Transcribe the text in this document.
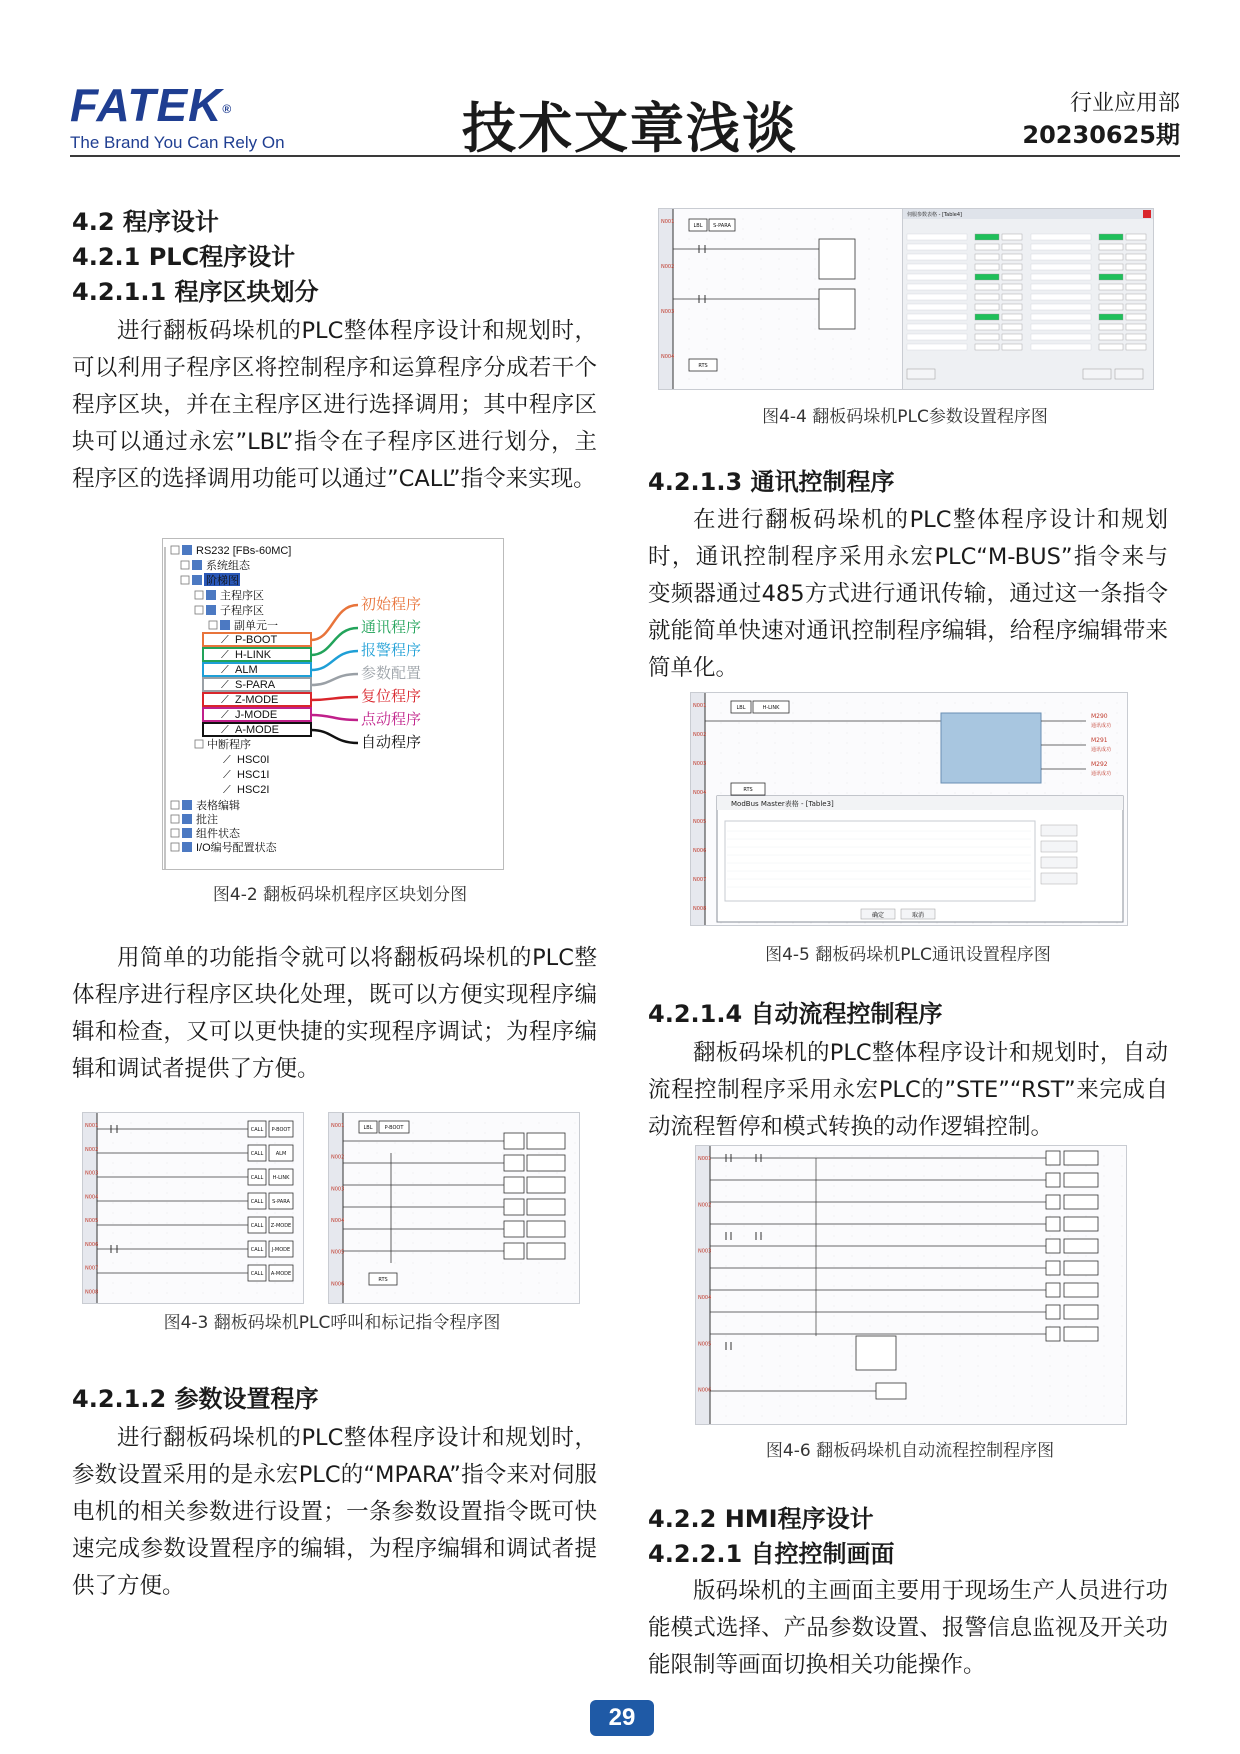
FATEK®
The Brand You Can Rely On	技术文章浅谈	行业应用部
20230625期
4.2 程序设计
4.2.1 PLC程序设计
4.2.1.1 程序区块划分

进行翻板码垛机的PLC整体程序设计和规划时，可以利用子程序区将控制程序和运算程序分成若干个程序区块，并在主程序区进行选择调用；其中程序区块可以通过永宏”LBL”指令在子程序区进行划分，主程序区的选择调用功能可以通过”CALL”指令来实现。

RS232 [FBs-60MC]
系统组态
阶梯图
主程序区
子程序区
副单元一
⟋ P-BOOT
初始程序
⟋ H-LINK
通讯程序
⟋ ALM
报警程序
⟋ S-PARA
参数配置
⟋ Z-MODE	复位程序
⟋ J-MODE	点动程序
⟋ A-MODE
自动程序
中断程序
⟋ HSC0I
⟋ HSC1I
⟋ HSC2I
表格编辑
批注
组件状态
I/O编号配置状态
图4-2 翻板码垛机程序区块划分图

用简单的功能指令就可以将翻板码垛机的PLC整体程序进行程序区块化处理，既可以方便实现程序编辑和检查，又可以更快捷的实现程序调试；为程序编辑和调试者提供了方便。

N001
N002
N003
N004
N005
N006
N007
N008
CALL P-BOOT
CALL ALM
CALL H-LINK
CALL S-PARA
CALL Z-MODE
CALL J-MODE
CALL A-MODE
N001
N002
N003
N004
N005
N006
LBL P-BOOT
RTS
图4-3 翻板码垛机PLC呼叫和标记指令程序图
4.2.1.2 参数设置程序

进行翻板码垛机的PLC整体程序设计和规划时，参数设置采用的是永宏PLC的“MPARA”指令来对伺服电机的相关参数进行设置；一条参数设置指令既可快速完成参数设置程序的编辑，为程序编辑和调试者提供了方便。

N001
N002
N003
N004
LBL S-PARA
RTS
伺服参数表格 - [Table4]
图4-4 翻板码垛机PLC参数设置程序图
4.2.1.3 通讯控制程序

在进行翻板码垛机的PLC整体程序设计和规划时，通讯控制程序采用永宏PLC“M-BUS”指令来与变频器通过485方式进行通讯传输，通过这一条指令就能简单快速对通讯控制程序编辑，给程序编辑带来简单化。

N001
N002
N003
N004
N005
N006
N007
N008
LBL	H-LINK
M290
通讯成功
M291
通讯成功
M292
通讯成功
RTS
ModBus Master表格 - [Table3]
确定	取消
图4-5 翻板码垛机PLC通讯设置程序图
4.2.1.4 自动流程控制程序

翻板码垛机的PLC整体程序设计和规划时，自动流程控制程序采用永宏PLC的”STE”“RST”来完成自动流程暂停和模式转换的动作逻辑控制。

N001
N002
N003
N004
N005
N006
图4-6 翻板码垛机自动流程控制程序图
4.2.2 HMI程序设计
4.2.2.1 自控控制画面

版码垛机的主画面主要用于现场生产人员进行功能模式选择、产品参数设置、报警信息监视及开关功能限制等画面切换相关功能操作。

29
